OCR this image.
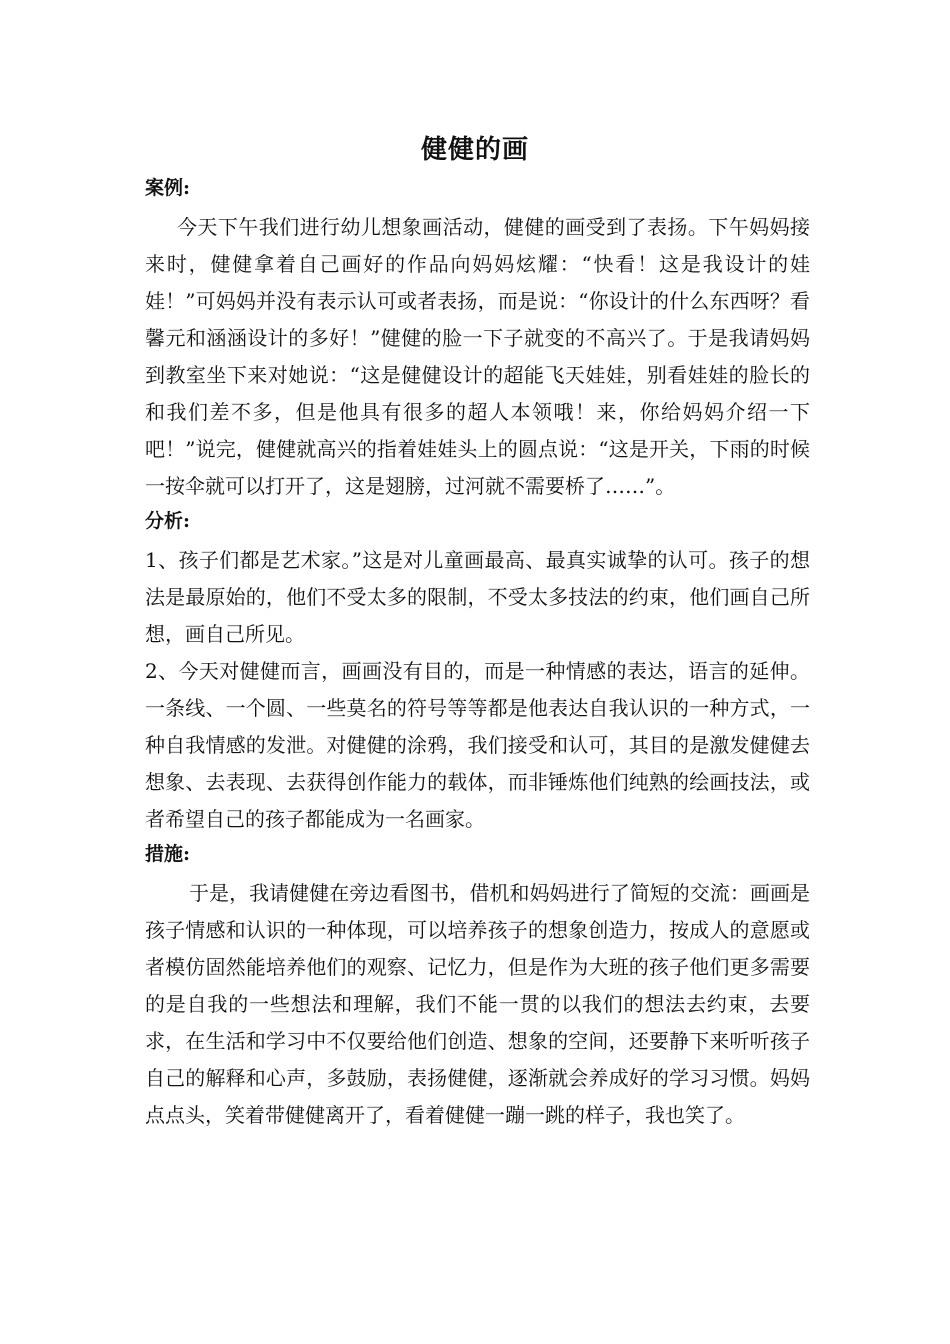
健健的画

案例:

今天下午我们进行幼儿想象画活动，健健的画受到了表扬。下午妈妈接来时，健健拿着自己画好的作品向妈妈炫耀：“快看！这是我设计的娃娃！”可妈妈并没有表示认可或者表扬，而是说：“你设计的什么东西呀？看馨元和涵涵设计的多好！”健健的脸一下子就变的不高兴了。于是我请妈妈到教室坐下来对她说：“这是健健设计的超能飞天娃娃，别看娃娃的脸长的和我们差不多，但是他具有很多的超人本领哦！来，你给妈妈介绍一下吧！”说完，健健就高兴的指着娃娃头上的圆点说：“这是开关，下雨的时候一按伞就可以打开了，这是翅膀，过河就不需要桥了……”。

分析:

1、孩子们都是艺术家。”这是对儿童画最高、最真实诚挚的认可。孩子的想法是最原始的，他们不受太多的限制，不受太多技法的约束，他们画自己所想，画自己所见。

2、今天对健健而言，画画没有目的，而是一种情感的表达，语言的延伸。一条线、一个圆、一些莫名的符号等等都是他表达自我认识的一种方式，一种自我情感的发泄。对健健的涂鸦，我们接受和认可，其目的是激发健健去想象、去表现、去获得创作能力的载体，而非锤炼他们纯熟的绘画技法，或者希望自己的孩子都能成为一名画家。

措施:

于是，我请健健在旁边看图书，借机和妈妈进行了简短的交流：画画是孩子情感和认识的一种体现，可以培养孩子的想象创造力，按成人的意愿或者模仿固然能培养他们的观察、记忆力，但是作为大班的孩子他们更多需要的是自我的一些想法和理解，我们不能一贯的以我们的想法去约束，去要求，在生活和学习中不仅要给他们创造、想象的空间，还要静下来听听孩子自己的解释和心声，多鼓励，表扬健健，逐渐就会养成好的学习习惯。妈妈点点头，笑着带健健离开了，看着健健一蹦一跳的样子，我也笑了。
